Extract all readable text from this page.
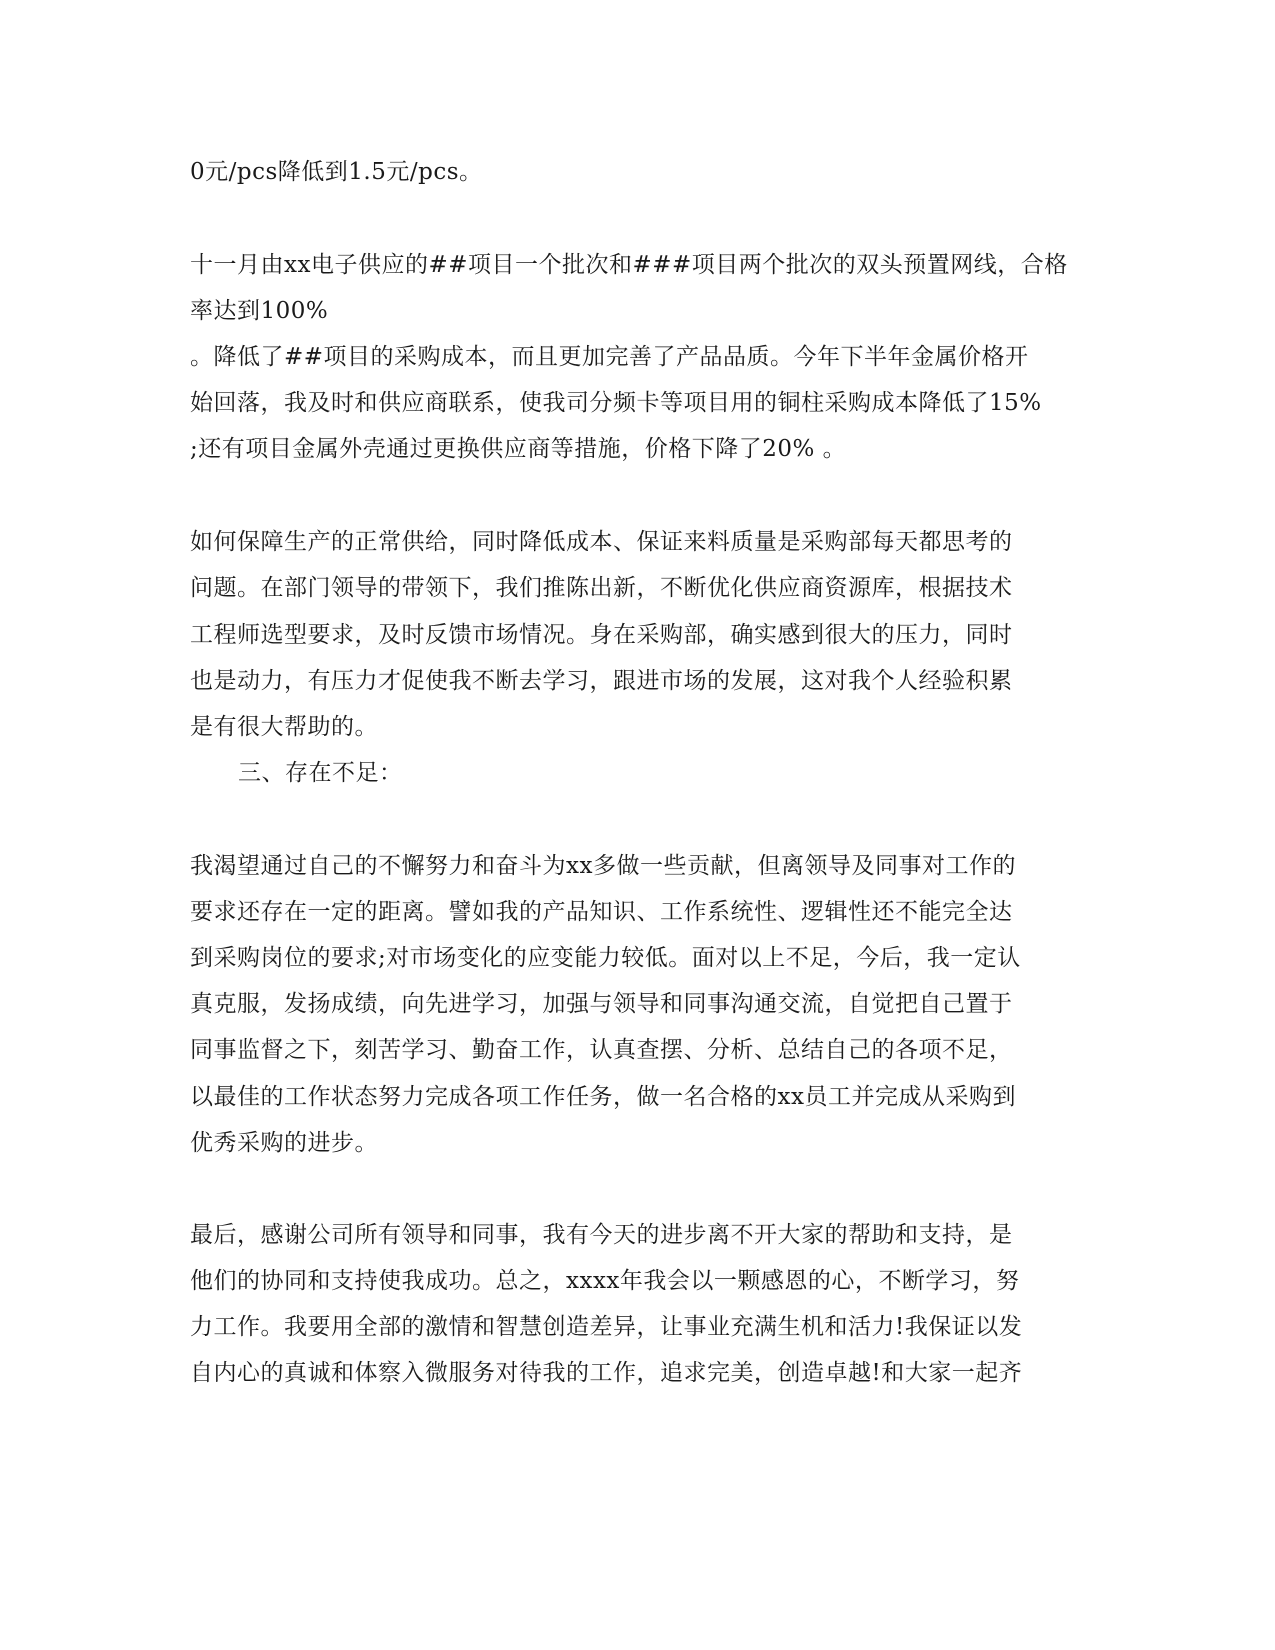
0元/pcs降低到1.5元/pcs。
十一月由xx电子供应的##项目一个批次和###项目两个批次的双头预置网线，合格
率达到100%
。降低了##项目的采购成本，而且更加完善了产品品质。今年下半年金属价格开
始回落，我及时和供应商联系，使我司分频卡等项目用的铜柱采购成本降低了15%
;还有项目金属外壳通过更换供应商等措施，价格下降了20% 。
如何保障生产的正常供给，同时降低成本、保证来料质量是采购部每天都思考的
问题。在部门领导的带领下，我们推陈出新，不断优化供应商资源库，根据技术
工程师选型要求，及时反馈市场情况。身在采购部，确实感到很大的压力，同时
也是动力，有压力才促使我不断去学习，跟进市场的发展，这对我个人经验积累
是有很大帮助的。
三、存在不足：
我渴望通过自己的不懈努力和奋斗为xx多做一些贡献，但离领导及同事对工作的
要求还存在一定的距离。譬如我的产品知识、工作系统性、逻辑性还不能完全达
到采购岗位的要求;对市场变化的应变能力较低。面对以上不足，今后，我一定认
真克服，发扬成绩，向先进学习，加强与领导和同事沟通交流，自觉把自己置于
同事监督之下，刻苦学习、勤奋工作，认真查摆、分析、总结自己的各项不足，
以最佳的工作状态努力完成各项工作任务，做一名合格的xx员工并完成从采购到
优秀采购的进步。
最后，感谢公司所有领导和同事，我有今天的进步离不开大家的帮助和支持，是
他们的协同和支持使我成功。总之，xxxx年我会以一颗感恩的心，不断学习，努
力工作。我要用全部的激情和智慧创造差异，让事业充满生机和活力!我保证以发
自内心的真诚和体察入微服务对待我的工作，追求完美，创造卓越!和大家一起齐
